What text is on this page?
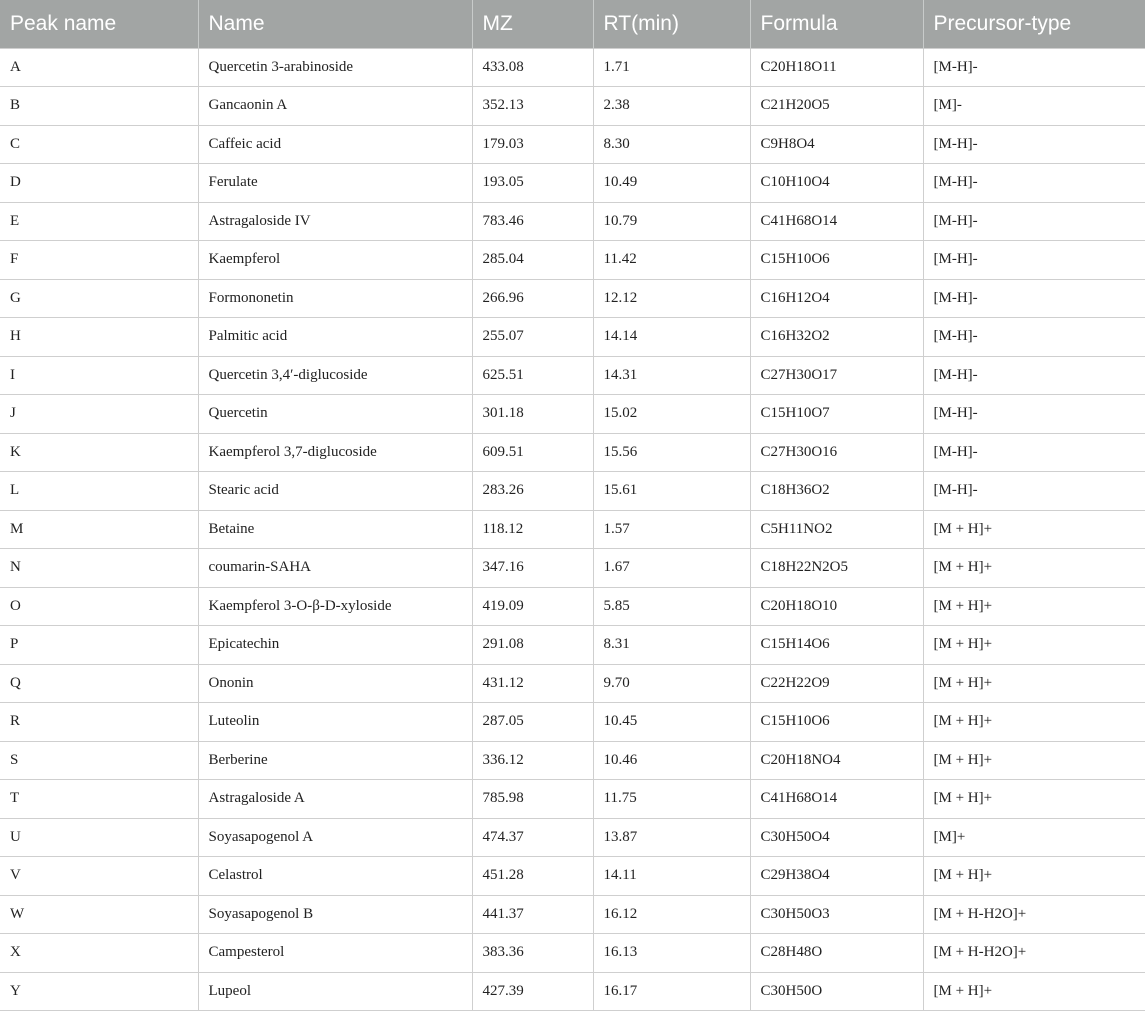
Peak name	Name	MZ	RT(min)	Formula	Precursor-type
A	Quercetin 3-arabinoside	433.08	1.71	C20H18O11	[M-H]-
B	Gancaonin A	352.13	2.38	C21H20O5	[M]-
C	Caffeic acid	179.03	8.30	C9H8O4	[M-H]-
D	Ferulate	193.05	10.49	C10H10O4	[M-H]-
E	Astragaloside IV	783.46	10.79	C41H68O14	[M-H]-
F	Kaempferol	285.04	11.42	C15H10O6	[M-H]-
G	Formononetin	266.96	12.12	C16H12O4	[M-H]-
H	Palmitic acid	255.07	14.14	C16H32O2	[M-H]-
I	Quercetin 3,4′-diglucoside	625.51	14.31	C27H30O17	[M-H]-
J	Quercetin	301.18	15.02	C15H10O7	[M-H]-
K	Kaempferol 3,7-diglucoside	609.51	15.56	C27H30O16	[M-H]-
L	Stearic acid	283.26	15.61	C18H36O2	[M-H]-
M	Betaine	118.12	1.57	C5H11NO2	[M + H]+
N	coumarin-SAHA	347.16	1.67	C18H22N2O5	[M + H]+
O	Kaempferol 3-O-β-D-xyloside	419.09	5.85	C20H18O10	[M + H]+
P	Epicatechin	291.08	8.31	C15H14O6	[M + H]+
Q	Ononin	431.12	9.70	C22H22O9	[M + H]+
R	Luteolin	287.05	10.45	C15H10O6	[M + H]+
S	Berberine	336.12	10.46	C20H18NO4	[M + H]+
T	Astragaloside A	785.98	11.75	C41H68O14	[M + H]+
U	Soyasapogenol A	474.37	13.87	C30H50O4	[M]+
V	Celastrol	451.28	14.11	C29H38O4	[M + H]+
W	Soyasapogenol B	441.37	16.12	C30H50O3	[M + H-H2O]+
X	Campesterol	383.36	16.13	C28H48O	[M + H-H2O]+
Y	Lupeol	427.39	16.17	C30H50O	[M + H]+
